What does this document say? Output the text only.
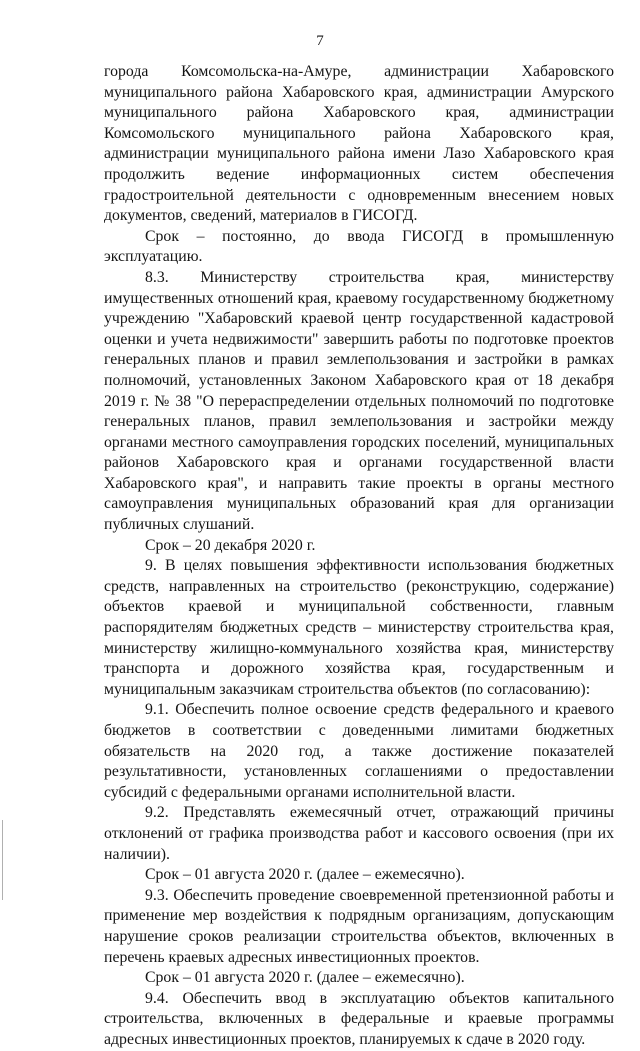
7

города Комсомольска-на-Амуре, администрации Хабаровского муниципального района Хабаровского края, администрации Амурского муниципального района Хабаровского края, администрации Комсомольского муниципального района Хабаровского края, администрации муниципального района имени Лазо Хабаровского края продолжить ведение информационных систем обеспечения градостроительной деятельности с одновременным внесением новых документов, сведений, материалов в ГИСОГД.

Срок – постоянно, до ввода ГИСОГД в промышленную эксплуатацию.

8.3. Министерству строительства края, министерству имущественных отношений края, краевому государственному бюджетному учреждению "Хабаровский краевой центр государственной кадастровой оценки и учета недвижимости" завершить работы по подготовке проектов генеральных планов и правил землепользования и застройки в рамках полномочий, установленных Законом Хабаровского края от 18 декабря 2019 г. № 38 "О перераспределении отдельных полномочий по подготовке генеральных планов, правил землепользования и застройки между органами местного самоуправления городских поселений, муниципальных районов Хабаровского края и органами государственной власти Хабаровского края", и направить такие проекты в органы местного самоуправления муниципальных образований края для организации публичных слушаний.

Срок – 20 декабря 2020 г.

9. В целях повышения эффективности использования бюджетных средств, направленных на строительство (реконструкцию, содержание) объектов краевой и муниципальной собственности, главным распорядителям бюджетных средств – министерству строительства края, министерству жилищно-коммунального хозяйства края, министерству транспорта и дорожного хозяйства края, государственным и муниципальным заказчикам строительства объектов (по согласованию):

9.1. Обеспечить полное освоение средств федерального и краевого бюджетов в соответствии с доведенными лимитами бюджетных обязательств на 2020 год, а также достижение показателей результативности, установленных соглашениями о предоставлении субсидий с федеральными органами исполнительной власти.

9.2. Представлять ежемесячный отчет, отражающий причины отклонений от графика производства работ и кассового освоения (при их наличии).

Срок – 01 августа 2020 г. (далее – ежемесячно).

9.3. Обеспечить проведение своевременной претензионной работы и применение мер воздействия к подрядным организациям, допускающим нарушение сроков реализации строительства объектов, включенных в перечень краевых адресных инвестиционных проектов.

Срок – 01 августа 2020 г. (далее – ежемесячно).

9.4. Обеспечить ввод в эксплуатацию объектов капитального строительства, включенных в федеральные и краевые программы адресных инвестиционных проектов, планируемых к сдаче в 2020 году.
